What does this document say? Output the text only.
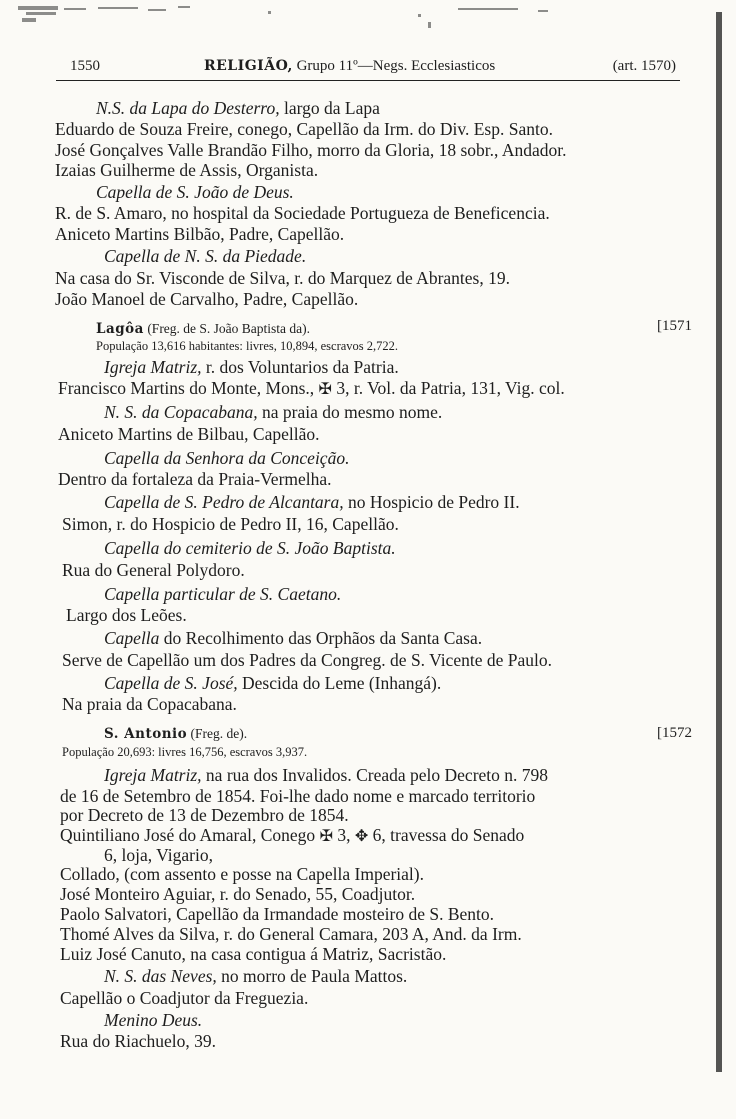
1550	RELIGIÃO, Grupo 11º—Negs. Ecclesiasticos	(art. 1570)
N.S. da Lapa do Desterro, largo da Lapa
Eduardo de Souza Freire, conego, Capellão da Irm. do Div. Esp. Santo.
José Gonçalves Valle Brandão Filho, morro da Gloria, 18 sobr., Andador.
Izaias Guilherme de Assis, Organista.
Capella de S. João de Deus.
R. de S. Amaro, no hospital da Sociedade Portugueza de Beneficencia.
Aniceto Martins Bilbão, Padre, Capellão.
Capella de N. S. da Piedade.
Na casa do Sr. Visconde de Silva, r. do Marquez de Abrantes, 19.
João Manoel de Carvalho, Padre, Capellão.
Lagôa (Freg. de S. João Baptista da).	[1571
População 13,616 habitantes: livres, 10,894, escravos 2,722.
Igreja Matriz, r. dos Voluntarios da Patria.
Francisco Martins do Monte, Mons., ✠ 3, r. Vol. da Patria, 131, Vig. col.
N. S. da Copacabana, na praia do mesmo nome.
Aniceto Martins de Bilbau, Capellão.
Capella da Senhora da Conceição.
Dentro da fortaleza da Praia-Vermelha.
Capella de S. Pedro de Alcantara, no Hospicio de Pedro II.
Simon, r. do Hospicio de Pedro II, 16, Capellão.
Capella do cemiterio de S. João Baptista.
Rua do General Polydoro.
Capella particular de S. Caetano.
Largo dos Leões.
Capella do Recolhimento das Orphãos da Santa Casa.
Serve de Capellão um dos Padres da Congreg. de S. Vicente de Paulo.
Capella de S. José, Descida do Leme (Inhangá).
Na praia da Copacabana.
S. Antonio (Freg. de).	[1572
População 20,693: livres 16,756, escravos 3,937.
Igreja Matriz, na rua dos Invalidos. Creada pelo Decreto n. 798
de 16 de Setembro de 1854. Foi-lhe dado nome e marcado territorio
por Decreto de 13 de Dezembro de 1854.
Quintiliano José do Amaral, Conego ✠ 3, ✥ 6, travessa do Senado
6, loja, Vigario,
Collado, (com assento e posse na Capella Imperial).
José Monteiro Aguiar, r. do Senado, 55, Coadjutor.
Paolo Salvatori, Capellão da Irmandade mosteiro de S. Bento.
Thomé Alves da Silva, r. do General Camara, 203 A, And. da Irm.
Luiz José Canuto, na casa contigua á Matriz, Sacristão.
N. S. das Neves, no morro de Paula Mattos.
Capellão o Coadjutor da Freguezia.
Menino Deus.
Rua do Riachuelo, 39.
